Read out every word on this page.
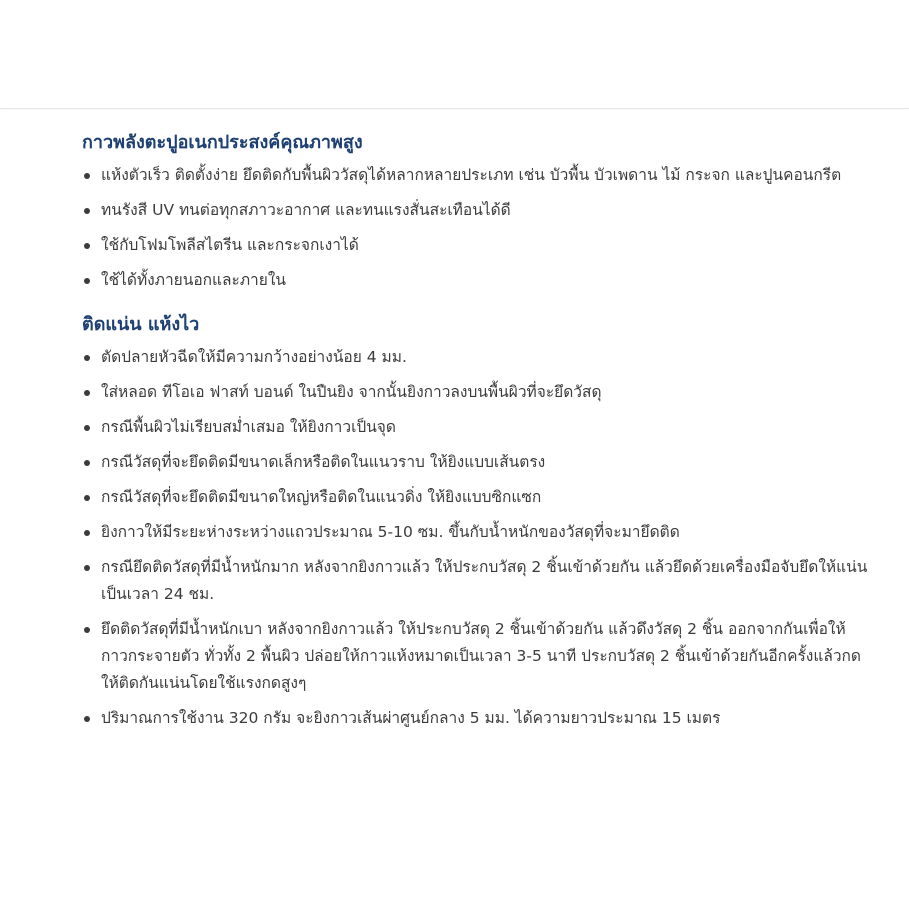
กาวพลังตะปูอเนกประสงค์คุณภาพสูง
แห้งตัวเร็ว ติดตั้งง่าย ยึดติดกับพื้นผิววัสดุได้หลากหลายประเภท เช่น บัวพื้น บัวเพดาน ไม้ กระจก และปูนคอนกรีต
ทนรังสี UV ทนต่อทุกสภาวะอากาศ และทนแรงสั่นสะเทือนได้ดี
ใช้กับโฟมโพลีสไตรีน และกระจกเงาได้
ใช้ได้ทั้งภายนอกและภายใน
ติดแน่น แห้งไว
ตัดปลายหัวฉีดให้มีความกว้างอย่างน้อย 4 มม.
ใส่หลอด ทีโอเอ ฟาสท์ บอนด์ ในปืนยิง จากนั้นยิงกาวลงบนพื้นผิวที่จะยึดวัสดุ
กรณีพื้นผิวไม่เรียบสม่ำเสมอ ให้ยิงกาวเป็นจุด
กรณีวัสดุที่จะยึดติดมีขนาดเล็กหรือติดในแนวราบ ให้ยิงแบบเส้นตรง
กรณีวัสดุที่จะยึดติดมีขนาดใหญ่หรือติดในแนวดิ่ง ให้ยิงแบบซิกแซก
ยิงกาวให้มีระยะห่างระหว่างแถวประมาณ 5-10 ซม. ขึ้นกับน้ำหนักของวัสดุที่จะมายึดติด
กรณียึดติดวัสดุที่มีน้ำหนักมาก หลังจากยิงกาวแล้ว ให้ประกบวัสดุ 2 ชิ้นเข้าด้วยกัน แล้วยึดด้วยเครื่องมือจับยึดให้แน่นเป็นเวลา 24 ชม.
ยึดติดวัสดุที่มีน้ำหนักเบา หลังจากยิงกาวแล้ว ให้ประกบวัสดุ 2 ชิ้นเข้าด้วยกัน แล้วดึงวัสดุ 2 ชิ้น ออกจากกันเพื่อให้กาวกระจายตัว ทั่วทั้ง 2 พื้นผิว ปล่อยให้กาวแห้งหมาดเป็นเวลา 3-5 นาที ประกบวัสดุ 2 ชิ้นเข้าด้วยกันอีกครั้งแล้วกดให้ติดกันแน่นโดยใช้แรงกดสูงๆ
ปริมาณการใช้งาน 320 กรัม จะยิงกาวเส้นผ่าศูนย์กลาง 5 มม. ได้ความยาวประมาณ 15 เมตร
